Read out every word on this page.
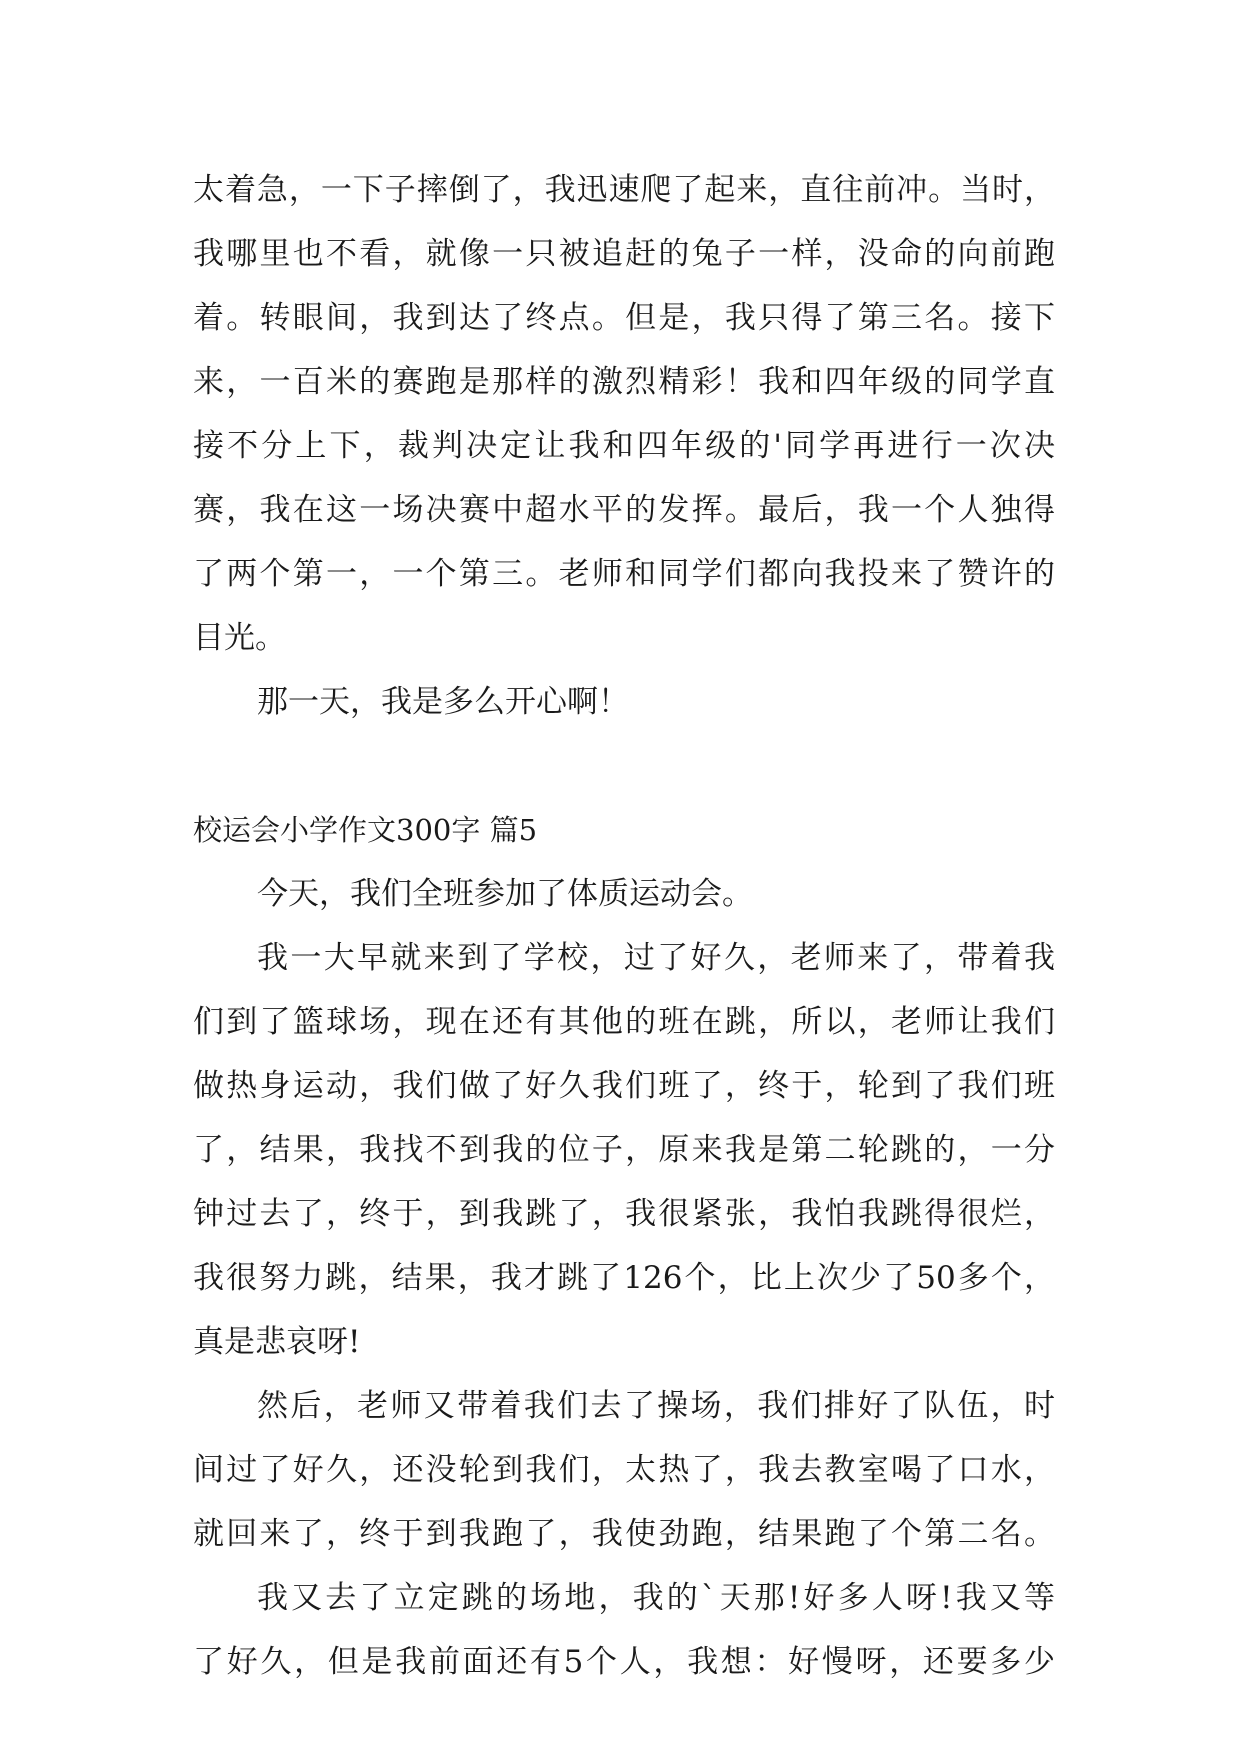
太着急，一下子摔倒了，我迅速爬了起来，直往前冲。当时，
我哪里也不看，就像一只被追赶的兔子一样，没命的向前跑
着。转眼间，我到达了终点。但是，我只得了第三名。接下
来，一百米的赛跑是那样的激烈精彩！我和四年级的同学直
接不分上下，裁判决定让我和四年级的'同学再进行一次决
赛，我在这一场决赛中超水平的发挥。最后，我一个人独得
了两个第一，一个第三。老师和同学们都向我投来了赞许的
目光。
那一天，我是多么开心啊！
校运会小学作文300字 篇5
今天，我们全班参加了体质运动会。
我一大早就来到了学校，过了好久，老师来了，带着我
们到了篮球场，现在还有其他的班在跳，所以，老师让我们
做热身运动，我们做了好久我们班了，终于，轮到了我们班
了，结果，我找不到我的位子，原来我是第二轮跳的，一分
钟过去了，终于，到我跳了，我很紧张，我怕我跳得很烂，
我很努力跳，结果，我才跳了126个，比上次少了50多个，
真是悲哀呀!
然后，老师又带着我们去了操场，我们排好了队伍，时
间过了好久，还没轮到我们，太热了，我去教室喝了口水，
就回来了，终于到我跑了，我使劲跑，结果跑了个第二名。
我又去了立定跳的场地，我的`天那!好多人呀!我又等
了好久，但是我前面还有5个人，我想：好慢呀，还要多少
